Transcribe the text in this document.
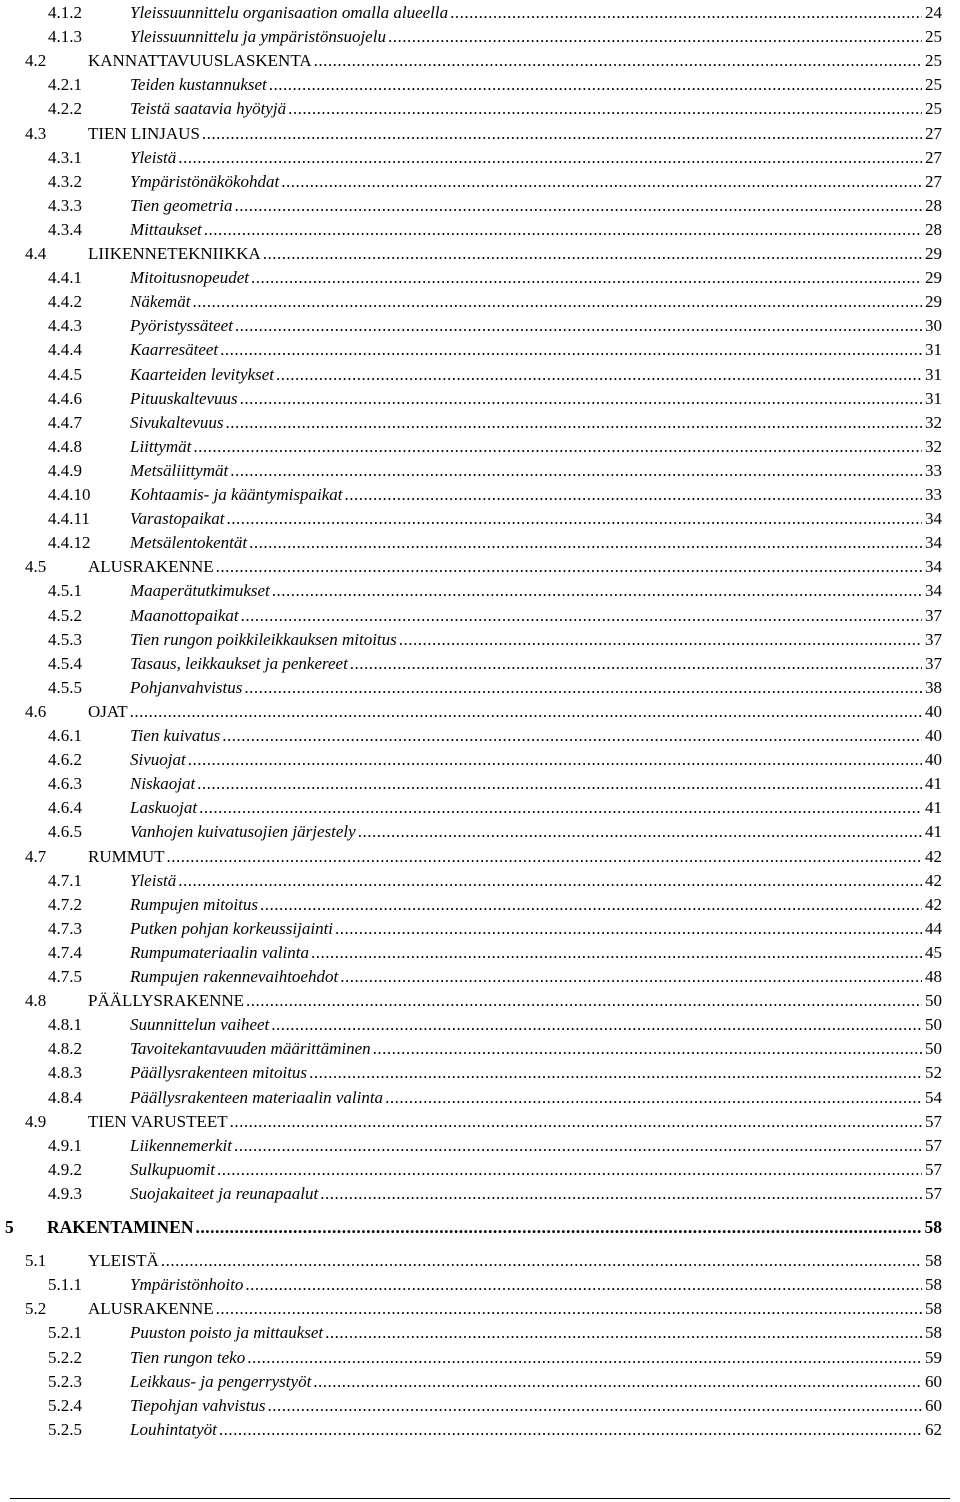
4.1.2	Yleissuunnittelu organisaation omalla alueella .....	24
4.1.3	Yleissuunnittelu ja ympäristönsuojelu .....	25
4.2	KANNATTAVUUSLASKENTA .....	25
4.2.1	Teiden kustannukset .....	25
4.2.2	Teistä saatavia hyötyjä .....	25
4.3	TIEN LINJAUS .....	27
4.3.1	Yleistä .....	27
4.3.2	Ympäristönäkökohdat .....	27
4.3.3	Tien geometria .....	28
4.3.4	Mittaukset .....	28
4.4	LIIKENNETEKNIIKKA .....	29
4.4.1	Mitoitusnopeudet .....	29
4.4.2	Näkemät .....	29
4.4.3	Pyöristyssäteet .....	30
4.4.4	Kaarresäteet .....	31
4.4.5	Kaarteiden levitykset .....	31
4.4.6	Pituuskaltevuus .....	31
4.4.7	Sivukaltevuus .....	32
4.4.8	Liittymät .....	32
4.4.9	Metsäliittymät .....	33
4.4.10	Kohtaamis- ja kääntymispaikat .....	33
4.4.11	Varastopaikat .....	34
4.4.12	Metsälentokentät .....	34
4.5	ALUSRAKENNE .....	34
4.5.1	Maaperätutkimukset .....	34
4.5.2	Maanottopaikat .....	37
4.5.3	Tien rungon poikkileikkauksen mitoitus .....	37
4.5.4	Tasaus, leikkaukset ja penkereet .....	37
4.5.5	Pohjanvahvistus .....	38
4.6	OJAT .....	40
4.6.1	Tien kuivatus .....	40
4.6.2	Sivuojat .....	40
4.6.3	Niskaojat .....	41
4.6.4	Laskuojat .....	41
4.6.5	Vanhojen kuivatusojien järjestely .....	41
4.7	RUMMUT .....	42
4.7.1	Yleistä .....	42
4.7.2	Rumpujen mitoitus .....	42
4.7.3	Putken pohjan korkeussijainti .....	44
4.7.4	Rumpumateriaalin valinta .....	45
4.7.5	Rumpujen rakennevaihtoehdot .....	48
4.8	PÄÄLLYSRAKENNE .....	50
4.8.1	Suunnittelun vaiheet .....	50
4.8.2	Tavoitekantavuuden määrittäminen .....	50
4.8.3	Päällysrakenteen mitoitus .....	52
4.8.4	Päällysrakenteen materiaalin valinta .....	54
4.9	TIEN VARUSTEET .....	57
4.9.1	Liikennemerkit .....	57
4.9.2	Sulkupuomit .....	57
4.9.3	Suojakaiteet ja reunapaalut .....	57
5	RAKENTAMINEN .....	58
5.1	YLEISTÄ .....	58
5.1.1	Ympäristönhoito .....	58
5.2	ALUSRAKENNE .....	58
5.2.1	Puuston poisto ja mittaukset .....	58
5.2.2	Tien rungon teko .....	59
5.2.3	Leikkaus- ja pengerrystyöt .....	60
5.2.4	Tiepohjan vahvistus .....	60
5.2.5	Louhintatyöt .....	62
